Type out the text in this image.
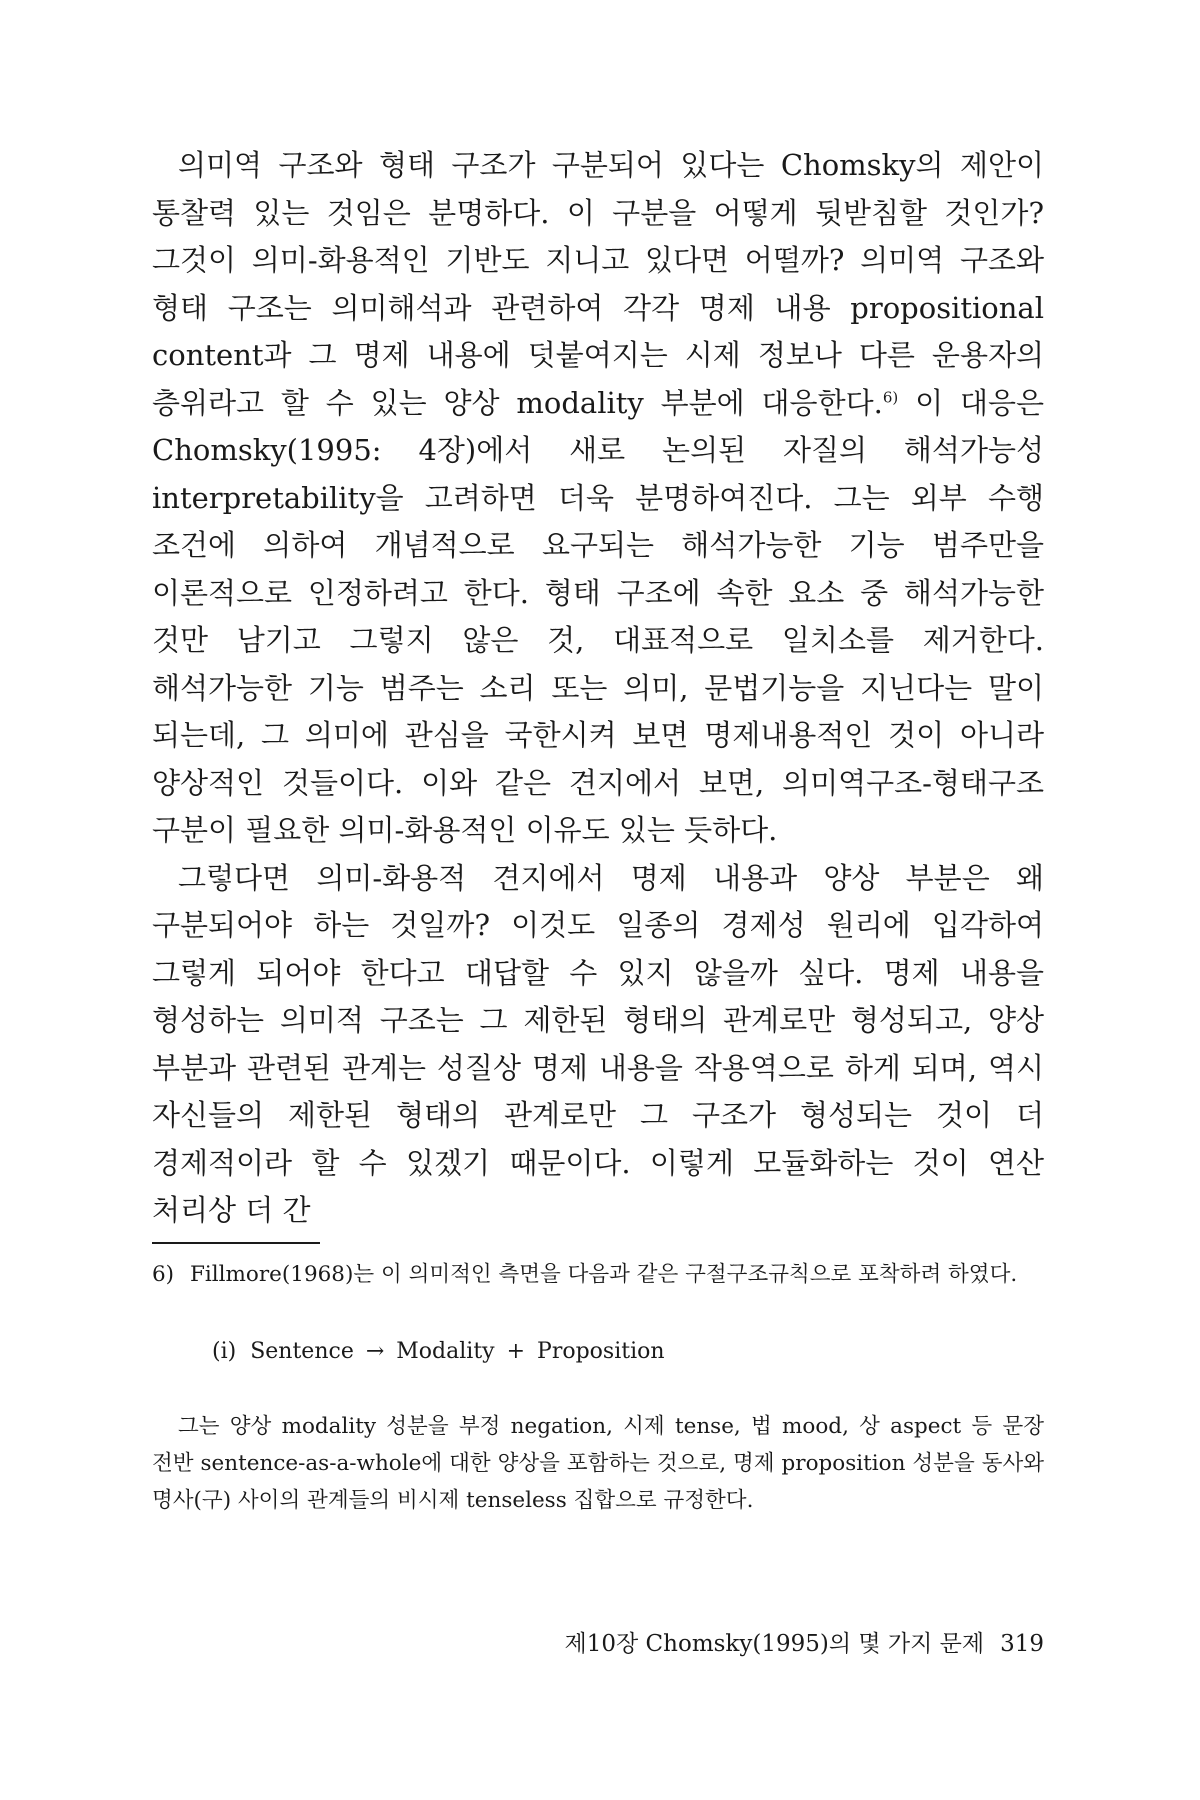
의미역 구조와 형태 구조가 구분되어 있다는 Chomsky의 제안이 통찰력 있는 것임은 분명하다. 이 구분을 어떻게 뒷받침할 것인가? 그것이 의미-화용적인 기반도 지니고 있다면 어떨까? 의미역 구조와 형태 구조는 의미해석과 관련하여 각각 명제 내용 propositional content과 그 명제 내용에 덧붙여지는 시제 정보나 다른 운용자의 층위라고 할 수 있는 양상 modality 부분에 대응한다.$^{6)}$ 이 대응은 Chomsky(1995: 4장)에서 새로 논의된 자질의 해석가능성 interpretability을 고려하면 더욱 분명하여진다. 그는 외부 수행 조건에 의하여 개념적으로 요구되는 해석가능한 기능 범주만을 이론적으로 인정하려고 한다. 형태 구조에 속한 요소 중 해석가능한 것만 남기고 그렇지 않은 것, 대표적으로 일치소를 제거한다. 해석가능한 기능 범주는 소리 또는 의미, 문법기능을 지닌다는 말이 되는데, 그 의미에 관심을 국한시켜 보면 명제내용적인 것이 아니라 양상적인 것들이다. 이와 같은 견지에서 보면, 의미역구조-형태구조 구분이 필요한 의미-화용적인 이유도 있는 듯하다.

그렇다면 의미-화용적 견지에서 명제 내용과 양상 부분은 왜 구분되어야 하는 것일까? 이것도 일종의 경제성 원리에 입각하여 그렇게 되어야 한다고 대답할 수 있지 않을까 싶다. 명제 내용을 형성하는 의미적 구조는 그 제한된 형태의 관계로만 형성되고, 양상 부분과 관련된 관계는 성질상 명제 내용을 작용역으로 하게 되며, 역시 자신들의 제한된 형태의 관계로만 그 구조가 형성되는 것이 더 경제적이라 할 수 있겠기 때문이다. 이렇게 모듈화하는 것이 연산 처리상 더 간

6) Fillmore(1968)는 이 의미적인 측면을 다음과 같은 구절구조규칙으로 포착하려 하였다.

(i) Sentence → Modality + Proposition

그는 양상 modality 성분을 부정 negation, 시제 tense, 법 mood, 상 aspect 등 문장 전반 sentence-as-a-whole에 대한 양상을 포함하는 것으로, 명제 proposition 성분을 동사와 명사(구) 사이의 관계들의 비시제 tenseless 집합으로 규정한다.

제10장 Chomsky(1995)의 몇 가지 문제 319
